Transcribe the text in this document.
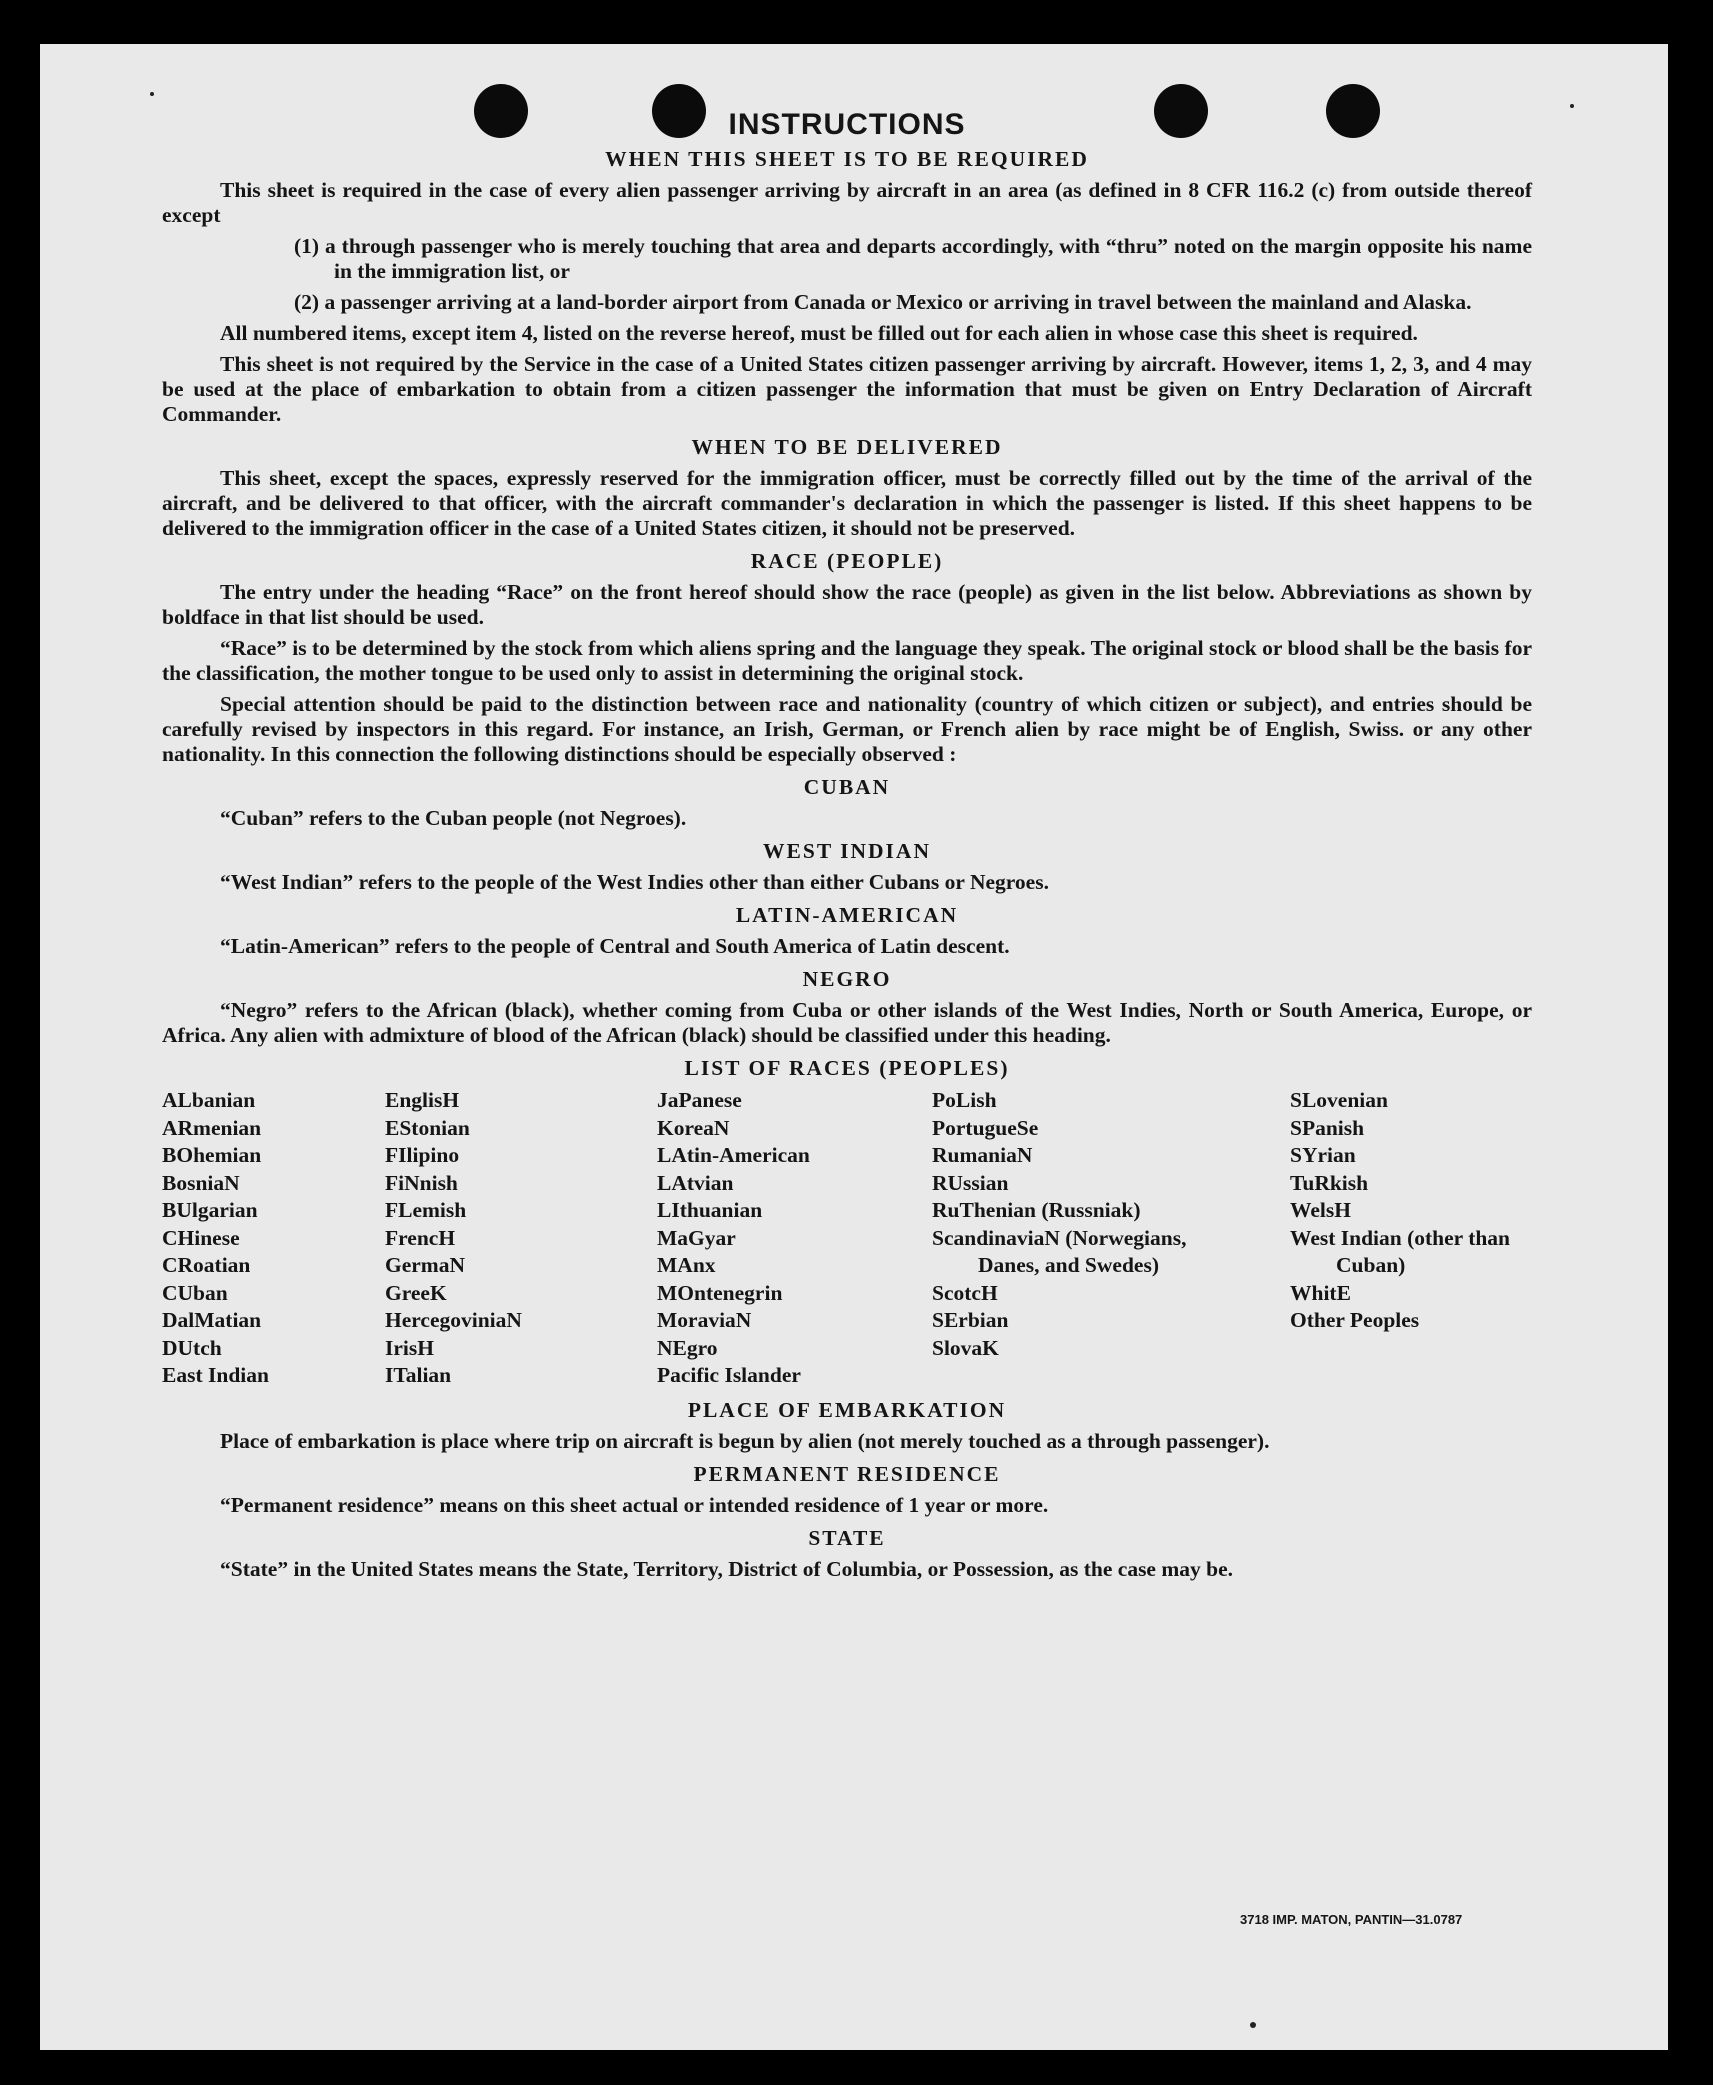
INSTRUCTIONS
WHEN THIS SHEET IS TO BE REQUIRED

This sheet is required in the case of every alien passenger arriving by aircraft in an area (as defined in 8 CFR 116.2 (c) from outside thereof except

(1) a through passenger who is merely touching that area and departs accordingly, with “thru” noted on the margin opposite his name in the immigration list, or
(2) a passenger arriving at a land-border airport from Canada or Mexico or arriving in travel between the mainland and Alaska.

All numbered items, except item 4, listed on the reverse hereof, must be filled out for each alien in whose case this sheet is required.

This sheet is not required by the Service in the case of a United States citizen passenger arriving by aircraft. However, items 1, 2, 3, and 4 may be used at the place of embarkation to obtain from a citizen passenger the information that must be given on Entry Declaration of Aircraft Commander.

WHEN TO BE DELIVERED

This sheet, except the spaces, expressly reserved for the immigration officer, must be correctly filled out by the time of the arrival of the aircraft, and be delivered to that officer, with the aircraft commander's declaration in which the passenger is listed. If this sheet happens to be delivered to the immigration officer in the case of a United States citizen, it should not be preserved.

RACE (PEOPLE)

The entry under the heading “Race” on the front hereof should show the race (people) as given in the list below. Abbreviations as shown by boldface in that list should be used.

“Race” is to be determined by the stock from which aliens spring and the language they speak. The original stock or blood shall be the basis for the classification, the mother tongue to be used only to assist in determining the original stock.

Special attention should be paid to the distinction between race and nationality (country of which citizen or subject), and entries should be carefully revised by inspectors in this regard. For instance, an Irish, German, or French alien by race might be of English, Swiss. or any other nationality. In this connection the following distinctions should be especially observed :

CUBAN
“Cuban” refers to the Cuban people (not Negroes).
WEST INDIAN
“West Indian” refers to the people of the West Indies other than either Cubans or Negroes.
LATIN-AMERICAN
“Latin-American” refers to the people of Central and South America of Latin descent.
NEGRO

“Negro” refers to the African (black), whether coming from Cuba or other islands of the West Indies, North or South America, Europe, or Africa. Any alien with admixture of blood of the African (black) should be classified under this heading.

LIST OF RACES (PEOPLES)
ALbanian
ARmenian
BOhemian
BosniaN
BUlgarian
CHinese
CRoatian
CUban
DalMatian
DUtch
East Indian
EnglisH
EStonian
FIlipino
FiNnish
FLemish
FrencH
GermaN
GreeK
HercegoviniaN
IrisH
ITalian
JaPanese
KoreaN
LAtin-American
LAtvian
LIthuanian
MaGyar
MAnx
MOntenegrin
MoraviaN
NEgro
Pacific Islander
PoLish
PortugueSe
RumaniaN
RUssian
RuThenian (Russniak)
ScandinaviaN (Norwegians, Danes, and Swedes)
ScotcH
SErbian
SlovaK
SLovenian
SPanish
SYrian
TuRkish
WelsH
West Indian (other than Cuban)
WhitE
Other Peoples
PLACE OF EMBARKATION

Place of embarkation is place where trip on aircraft is begun by alien (not merely touched as a through passenger).

PERMANENT RESIDENCE
“Permanent residence” means on this sheet actual or intended residence of 1 year or more.
STATE
“State” in the United States means the State, Territory, District of Columbia, or Possession, as the case may be.
3718 IMP. MATON, PANTIN—31.0787
